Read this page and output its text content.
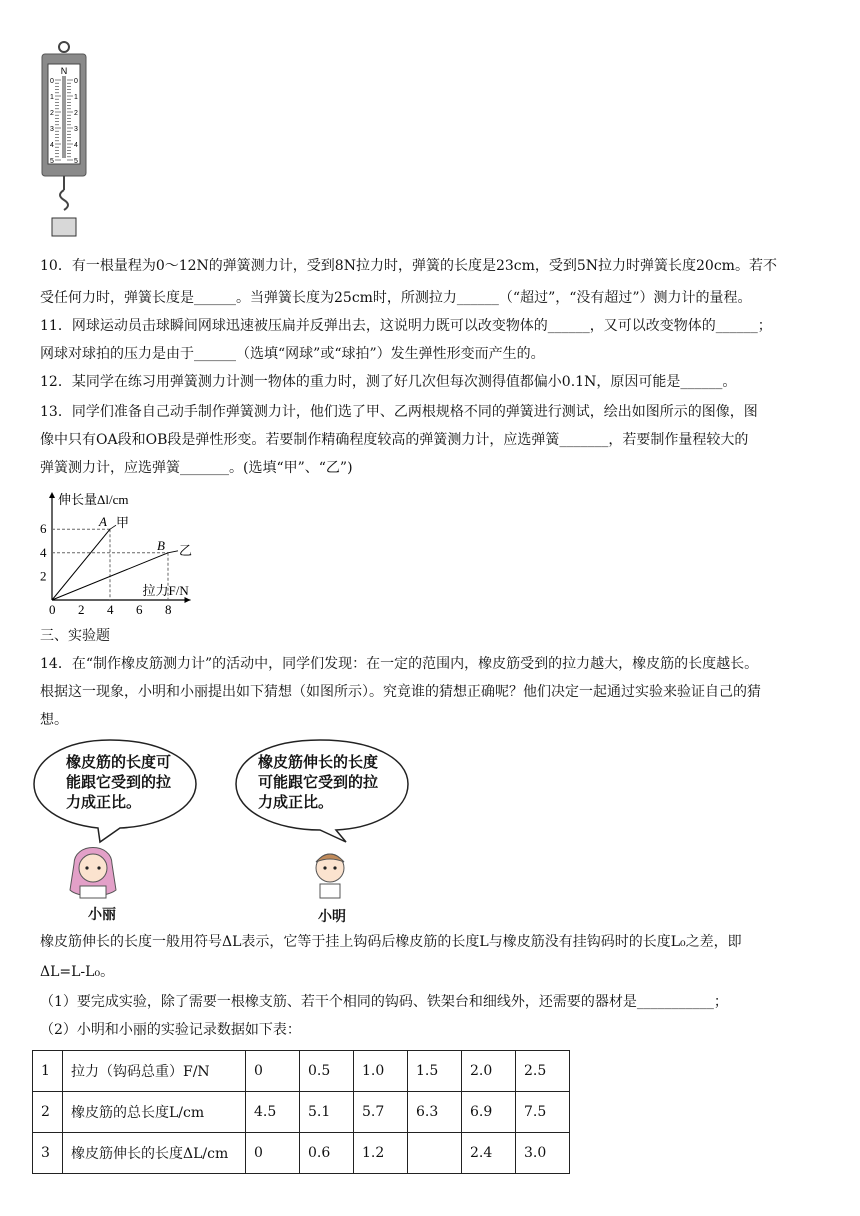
N
0	0
1	1
2	2
3	3
4	4
5	5
10．有一根量程为0～12N的弹簧测力计，受到8N拉力时，弹簧的长度是23cm，受到5N拉力时弹簧长度20cm。若不
受任何力时，弹簧长度是______。当弹簧长度为25cm时，所测拉力______（“超过”，“没有超过”）测力计的量程。
11．网球运动员击球瞬间网球迅速被压扁并反弹出去，这说明力既可以改变物体的______，又可以改变物体的______；
网球对球拍的压力是由于______（选填“网球”或“球拍”）发生弹性形变而产生的。
12．某同学在练习用弹簧测力计测一物体的重力时，测了好几次但每次测得值都偏小0.1N，原因可能是______。
13．同学们准备自己动手制作弹簧测力计，他们选了甲、乙两根规格不同的弹簧进行测试，绘出如图所示的图像，图
像中只有OA段和OB段是弹性形变。若要制作精确程度较高的弹簧测力计，应选弹簧_______，若要制作量程较大的
弹簧测力计，应选弹簧_______。(选填“甲”、“乙”)
A 甲
B 乙
0 2 4 6 8
2
4
6
伸长量Δl/cm
拉力F/N
三、实验题
14．在“制作橡皮筋测力计”的活动中，同学们发现：在一定的范围内，橡皮筋受到的拉力越大，橡皮筋的长度越长。
根据这一现象，小明和小丽提出如下猜想（如图所示）。究竟谁的猜想正确呢？他们决定一起通过实验来验证自己的猜
想。
橡皮筋的长度可
能跟它受到的拉
力成正比。
橡皮筋伸长的长度
可能跟它受到的拉
力成正比。
小丽	小明
橡皮筋伸长的长度一般用符号ΔL表示，它等于挂上钩码后橡皮筋的长度L与橡皮筋没有挂钩码时的长度L₀之差，即
ΔL=L-L₀。
（1）要完成实验，除了需要一根橡支筋、若干个相同的钩码、铁架台和细线外，还需要的器材是___________；
（2）小明和小丽的实验记录数据如下表：
1	拉力（钩码总重）F/N	0	0.5	1.0	1.5	2.0	2.5
2	橡皮筋的总长度L/cm	4.5	5.1	5.7	6.3	6.9	7.5
3	橡皮筋伸长的长度ΔL/cm	0	0.6	1.2		2.4	3.0
